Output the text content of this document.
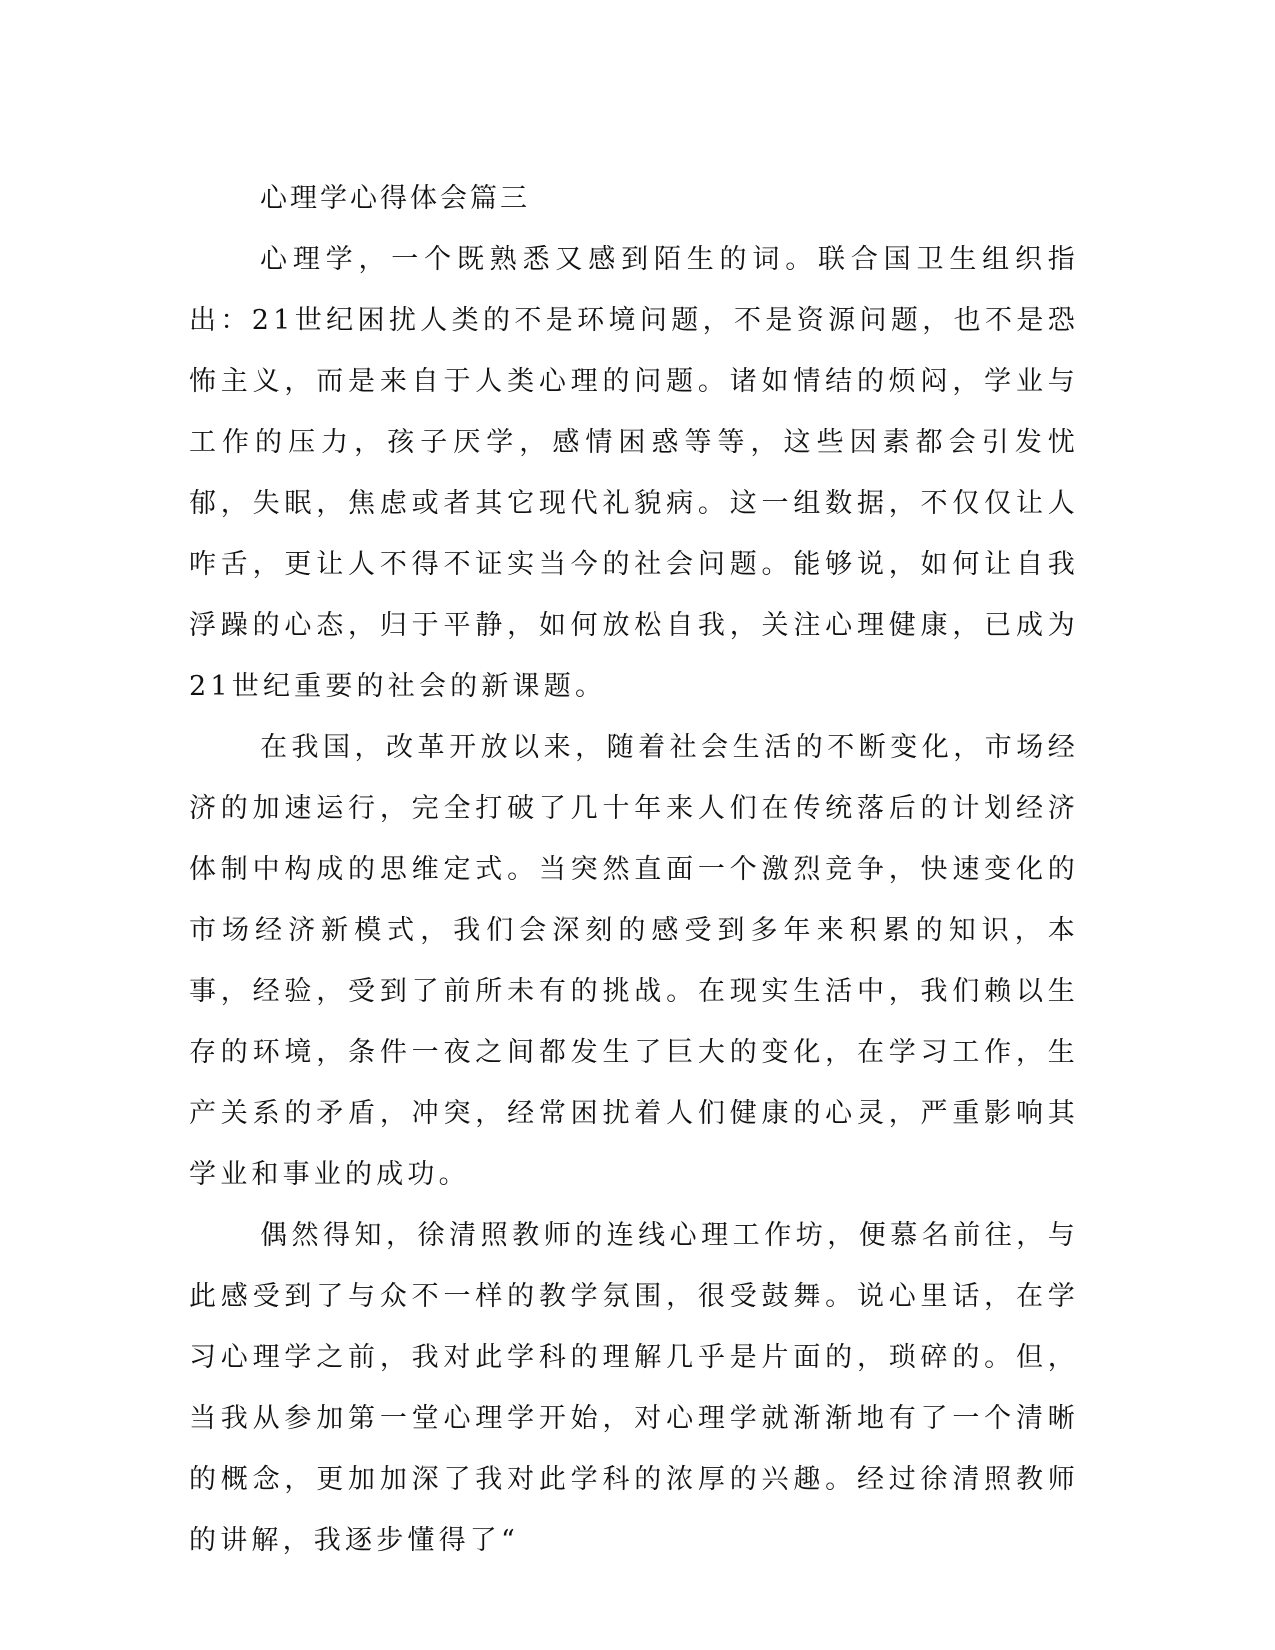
心理学心得体会篇三

心理学，一个既熟悉又感到陌生的词。联合国卫生组织指出：21世纪困扰人类的不是环境问题，不是资源问题，也不是恐怖主义，而是来自于人类心理的问题。诸如情结的烦闷，学业与工作的压力，孩子厌学，感情困惑等等，这些因素都会引发忧郁，失眠，焦虑或者其它现代礼貌病。这一组数据，不仅仅让人咋舌，更让人不得不证实当今的社会问题。能够说，如何让自我浮躁的心态，归于平静，如何放松自我，关注心理健康，已成为21世纪重要的社会的新课题。

在我国，改革开放以来，随着社会生活的不断变化，市场经济的加速运行，完全打破了几十年来人们在传统落后的计划经济体制中构成的思维定式。当突然直面一个激烈竞争，快速变化的市场经济新模式，我们会深刻的感受到多年来积累的知识，本事，经验，受到了前所未有的挑战。在现实生活中，我们赖以生存的环境，条件一夜之间都发生了巨大的变化，在学习工作，生产关系的矛盾，冲突，经常困扰着人们健康的心灵，严重影响其学业和事业的成功。

偶然得知，徐清照教师的连线心理工作坊，便慕名前往，与此感受到了与众不一样的教学氛围，很受鼓舞。说心里话，在学习心理学之前，我对此学科的理解几乎是片面的，琐碎的。但，当我从参加第一堂心理学开始，对心理学就渐渐地有了一个清晰的概念，更加加深了我对此学科的浓厚的兴趣。经过徐清照教师的讲解，我逐步懂得了“
